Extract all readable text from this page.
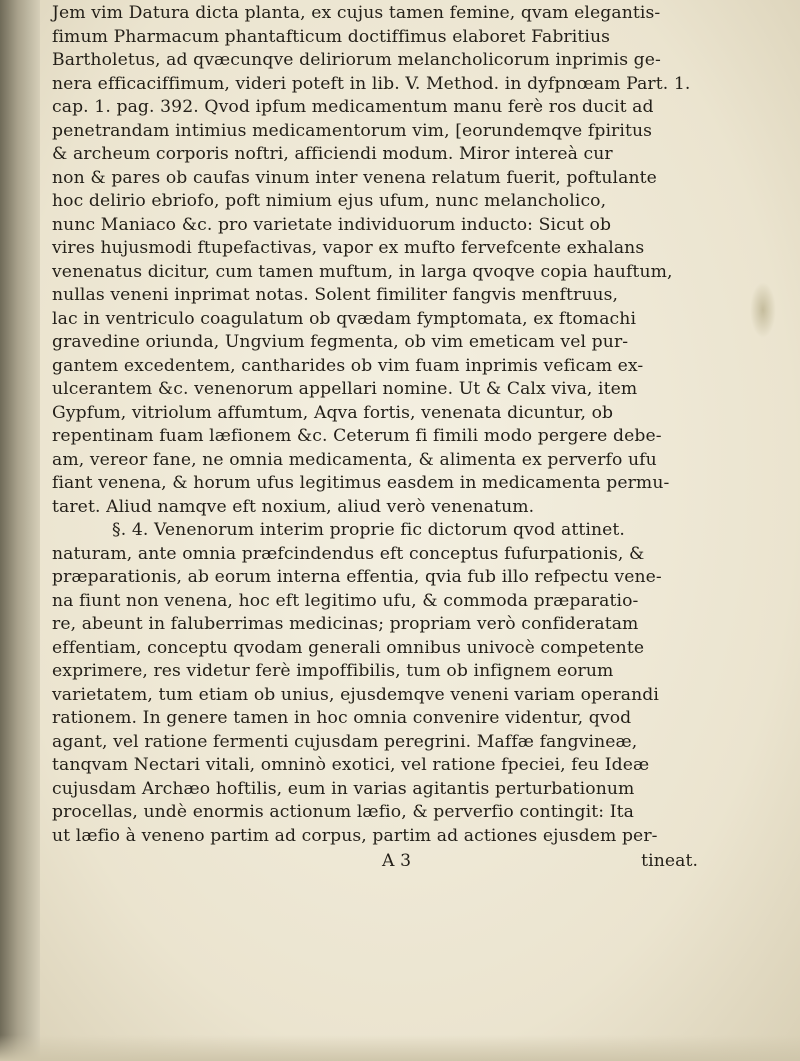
Jem vim Datura dicta planta, ex cujus tamen femine, qvam elegantis-
fimum Pharmacum phantafticum doctiffimus elaboret Fabritius
Bartholetus, ad qvæcunqve deliriorum melancholicorum inprimis ge-
nera efficaciffimum, videri poteft in lib. V. Method. in dyfpnœam Part. 1.
cap. 1. pag. 392. Qvod ipfum medicamentum manu ferè ros ducit ad
penetrandam intimius medicamentorum vim, [eorundemqve fpiritus
& archeum corporis noftri, afficiendi modum. Miror intereà cur
non & pares ob caufas vinum inter venena relatum fuerit, poftulante
hoc delirio ebriofo, poft nimium ejus ufum, nunc melancholico,
nunc Maniaco &c. pro varietate individuorum inducto: Sicut ob
vires hujusmodi ftupefactivas, vapor ex mufto fervefcente exhalans
venenatus dicitur, cum tamen muftum, in larga qvoqve copia hauftum,
nullas veneni inprimat notas. Solent fimiliter fangvis menftruus,
lac in ventriculo coagulatum ob qvædam fymptomata, ex ftomachi
gravedine oriunda, Ungvium fegmenta, ob vim emeticam vel pur-
gantem excedentem, cantharides ob vim fuam inprimis veficam ex-
ulcerantem &c. venenorum appellari nomine. Ut & Calx viva, item
Gypfum, vitriolum affumtum, Aqva fortis, venenata dicuntur, ob
repentinam fuam læfionem &c. Ceterum fi fimili modo pergere debe-
am, vereor fane, ne omnia medicamenta, & alimenta ex perverfo ufu
fiant venena, & horum ufus legitimus easdem in medicamenta permu-
taret. Aliud namqve eft noxium, aliud verò venenatum.
§. 4. Venenorum interim proprie fic dictorum qvod attinet.
naturam, ante omnia præfcindendus eft conceptus fufurpationis, &
præparationis, ab eorum interna effentia, qvia fub illo refpectu vene-
na fiunt non venena, hoc eft legitimo ufu, & commoda præparatio-
re, abeunt in faluberrimas medicinas; propriam verò confideratam
effentiam, conceptu qvodam generali omnibus univocè competente
exprimere, res videtur ferè impoffibilis, tum ob infignem eorum
varietatem, tum etiam ob unius, ejusdemqve veneni variam operandi
rationem. In genere tamen in hoc omnia convenire videntur, qvod
agant, vel ratione fermenti cujusdam peregrini. Maffæ fangvineæ,
tanqvam Nectari vitali, omninò exotici, vel ratione fpeciei, feu Ideæ
cujusdam Archæo hoftilis, eum in varias agitantis perturbationum
procellas, undè enormis actionum læfio, & perverfio contingit: Ita
ut læfio à veneno partim ad corpus, partim ad actiones ejusdem per-
A 3	tineat.
